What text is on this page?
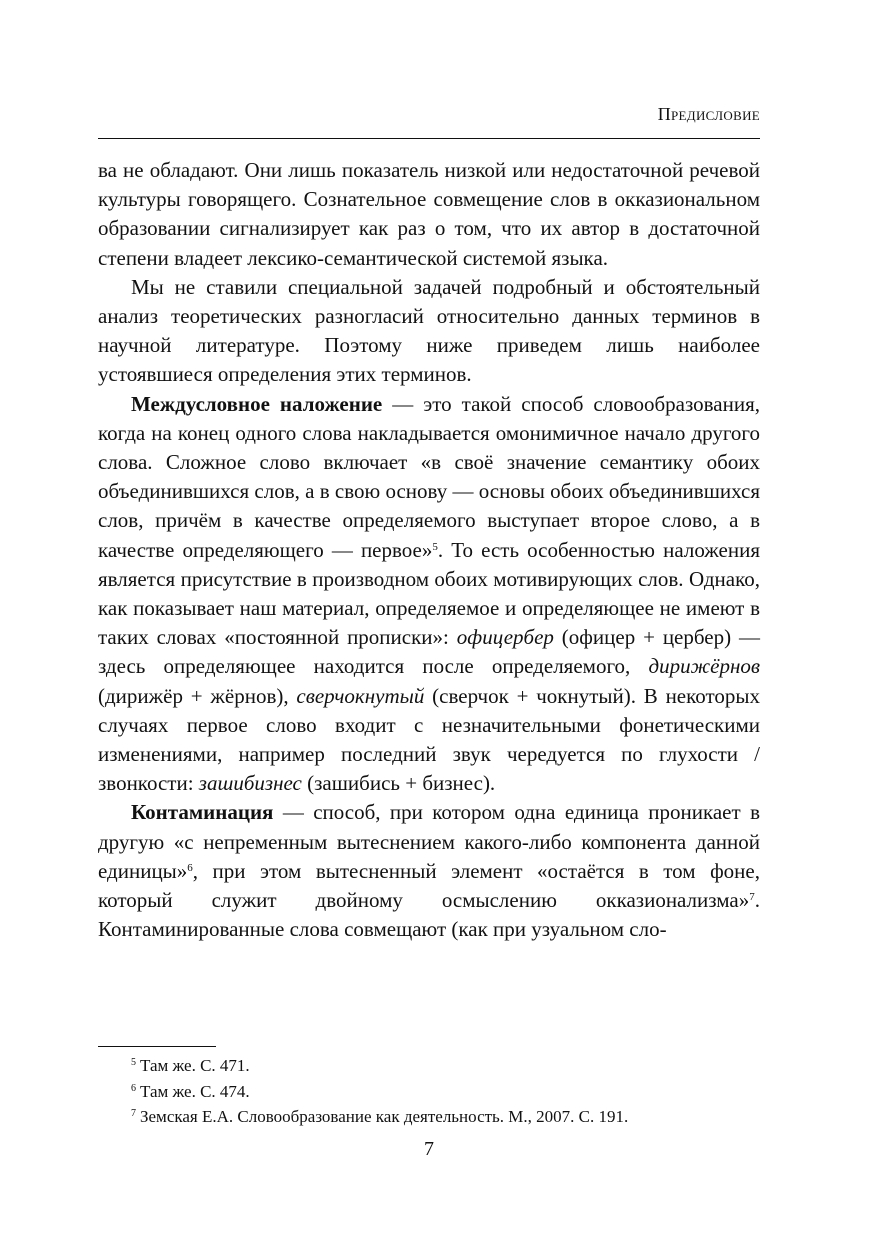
Предисловие

ва не обладают. Они лишь показатель низкой или недостаточной речевой культуры говорящего. Сознательное совмещение слов в окказиональном образовании сигнализирует как раз о том, что их автор в достаточной степени владеет лексико-семантической системой языка.

Мы не ставили специальной задачей подробный и обстоятельный анализ теоретических разногласий относительно данных терминов в научной литературе. Поэтому ниже приведем лишь наиболее устоявшиеся определения этих терминов.

Междусловное наложение — это такой способ словообразования, когда на конец одного слова накладывается омонимичное начало другого слова. Сложное слово включает «в своё значение семантику обоих объединившихся слов, а в свою основу — основы обоих объединившихся слов, причём в качестве определяемого выступает второе слово, а в качестве определяющего — первое»$^5$. То есть особенностью наложения является присутствие в производном обоих мотивирующих слов. Однако, как показывает наш материал, определяемое и определяющее не имеют в таких словах «постоянной прописки»: офицербер (офицер + цербер) — здесь определяющее находится после определяемого, дирижёрнов (дирижёр + жёрнов), сверчокнутый (сверчок + чокнутый). В некоторых случаях первое слово входит с незначительными фонетическими изменениями, например последний звук чередуется по глухости / звонкости: зашибизнес (зашибись + бизнес).

Контаминация — способ, при котором одна единица проникает в другую «с непременным вытеснением какого-либо компонента данной единицы»$^6$, при этом вытесненный элемент «остаётся в том фоне, который служит двойному осмыслению окказионализма»$^7$. Контаминированные слова совмещают (как при узуальном сло-

$^5$ Там же. С. 471.
$^6$ Там же. С. 474.
$^7$ Земская Е.А. Словообразование как деятельность. М., 2007. С. 191.
7
